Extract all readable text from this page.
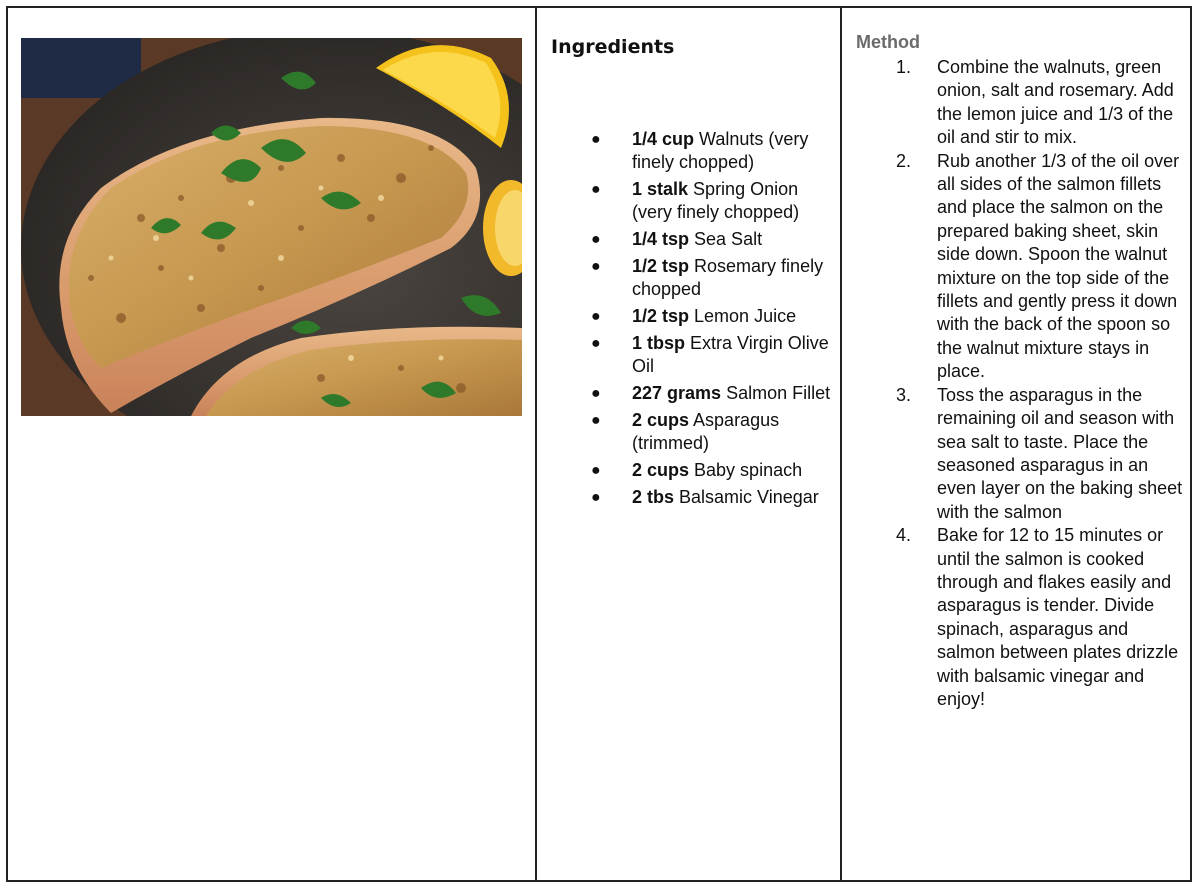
Ingredients
● 1/4 cup Walnuts (very finely chopped)
● 1 stalk Spring Onion (very finely chopped)
● 1/4 tsp Sea Salt
● 1/2 tsp Rosemary finely chopped
● 1/2 tsp Lemon Juice
● 1 tbsp Extra Virgin Olive Oil
● 227 grams Salmon Fillet
● 2 cups Asparagus (trimmed)
● 2 cups Baby spinach
● 2 tbs Balsamic Vinegar
Method
1. Combine the walnuts, green onion, salt and rosemary. Add the lemon juice and 1/3 of the oil and stir to mix.
2. Rub another 1/3 of the oil over all sides of the salmon fillets and place the salmon on the prepared baking sheet, skin side down. Spoon the walnut mixture on the top side of the fillets and gently press it down with the back of the spoon so the walnut mixture stays in place.
3. Toss the asparagus in the remaining oil and season with sea salt to taste. Place the seasoned asparagus in an even layer on the baking sheet with the salmon
4. Bake for 12 to 15 minutes or until the salmon is cooked through and flakes easily and asparagus is tender. Divide spinach, asparagus and salmon between plates drizzle with balsamic vinegar and enjoy!
